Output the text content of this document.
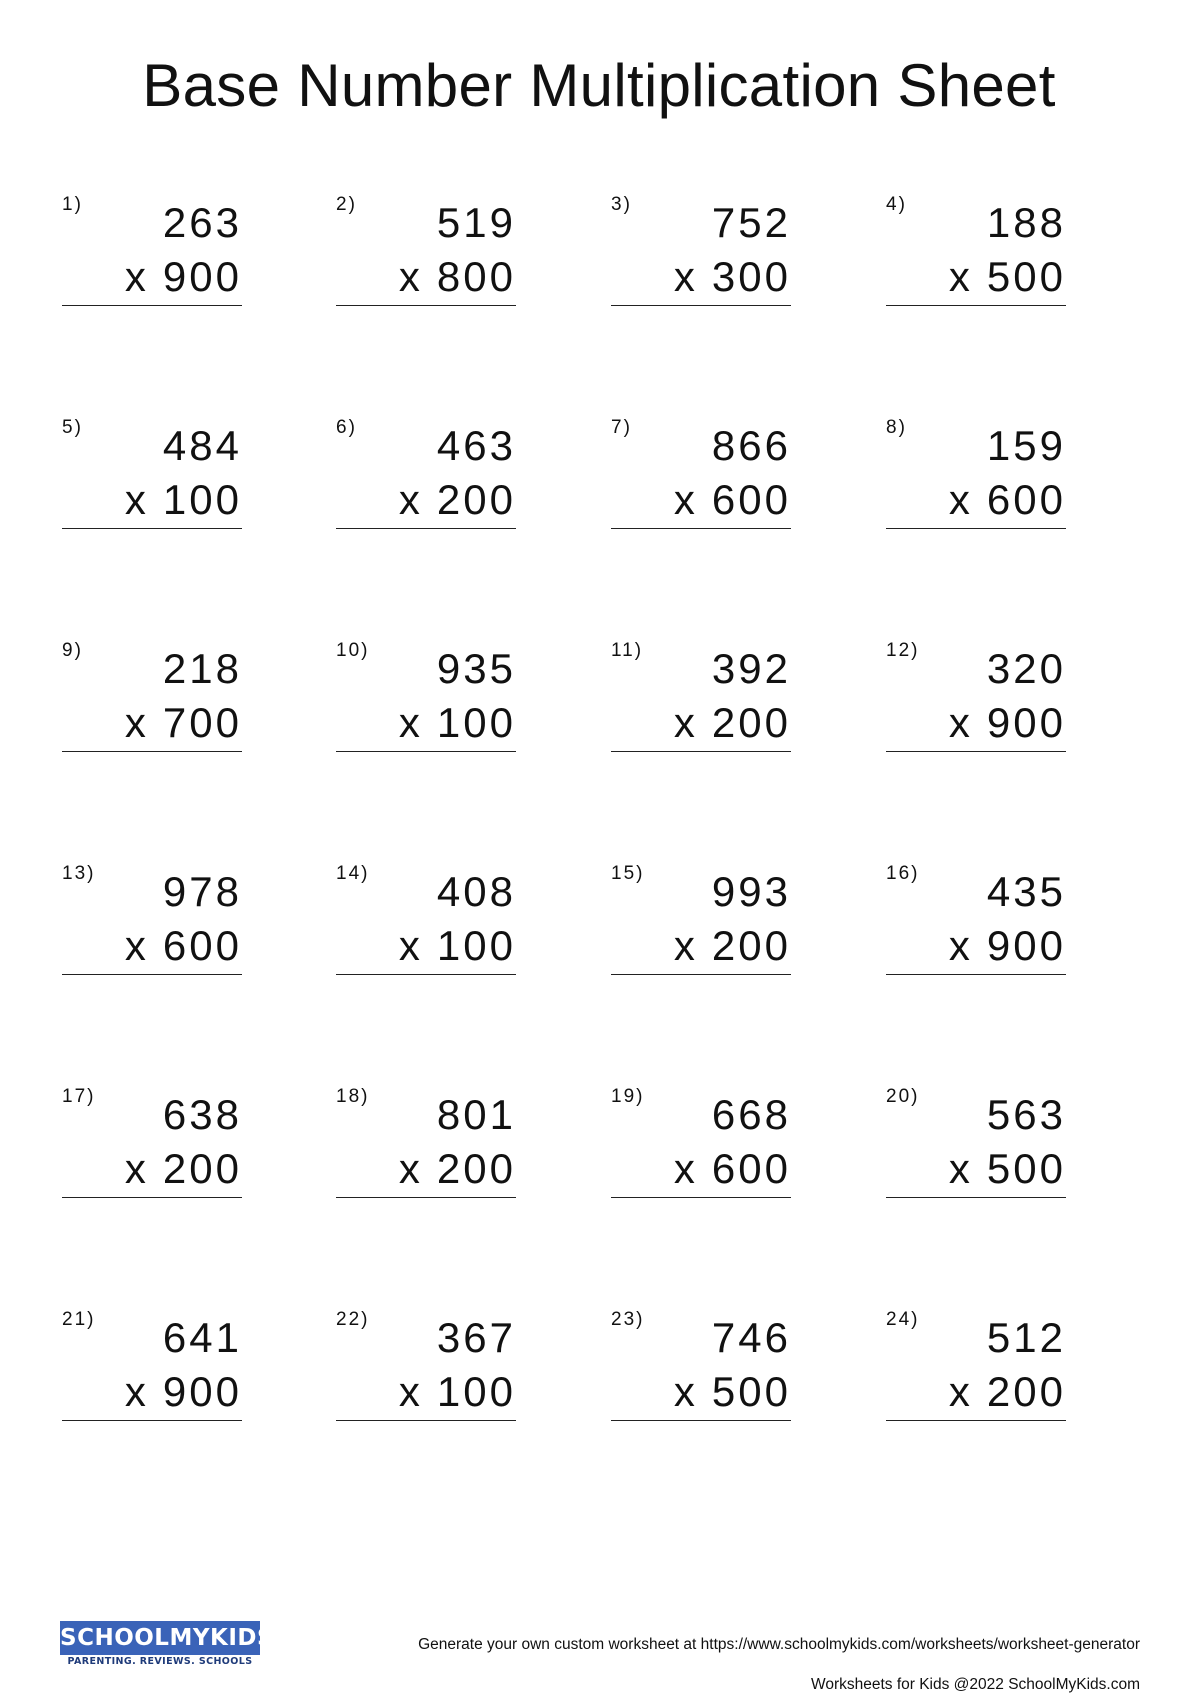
Base Number Multiplication Sheet
1) 263
x 900
2) 519
x 800
3) 752
x 300
4) 188
x 500
5) 484
x 100
6) 463
x 200
7) 866
x 600
8) 159
x 600
9) 218
x 700
10) 935
x 100
11) 392
x 200
12) 320
x 900
13) 978
x 600
14) 408
x 100
15) 993
x 200
16) 435
x 900
17) 638
x 200
18) 801
x 200
19) 668
x 600
20) 563
x 500
21) 641
x 900
22) 367
x 100
23) 746
x 500
24) 512
x 200
SCHOOLMYKIDS
PARENTING. REVIEWS. SCHOOLS
Generate your own custom worksheet at https://www.schoolmykids.com/worksheets/worksheet-generator
Worksheets for Kids @2022 SchoolMyKids.com
